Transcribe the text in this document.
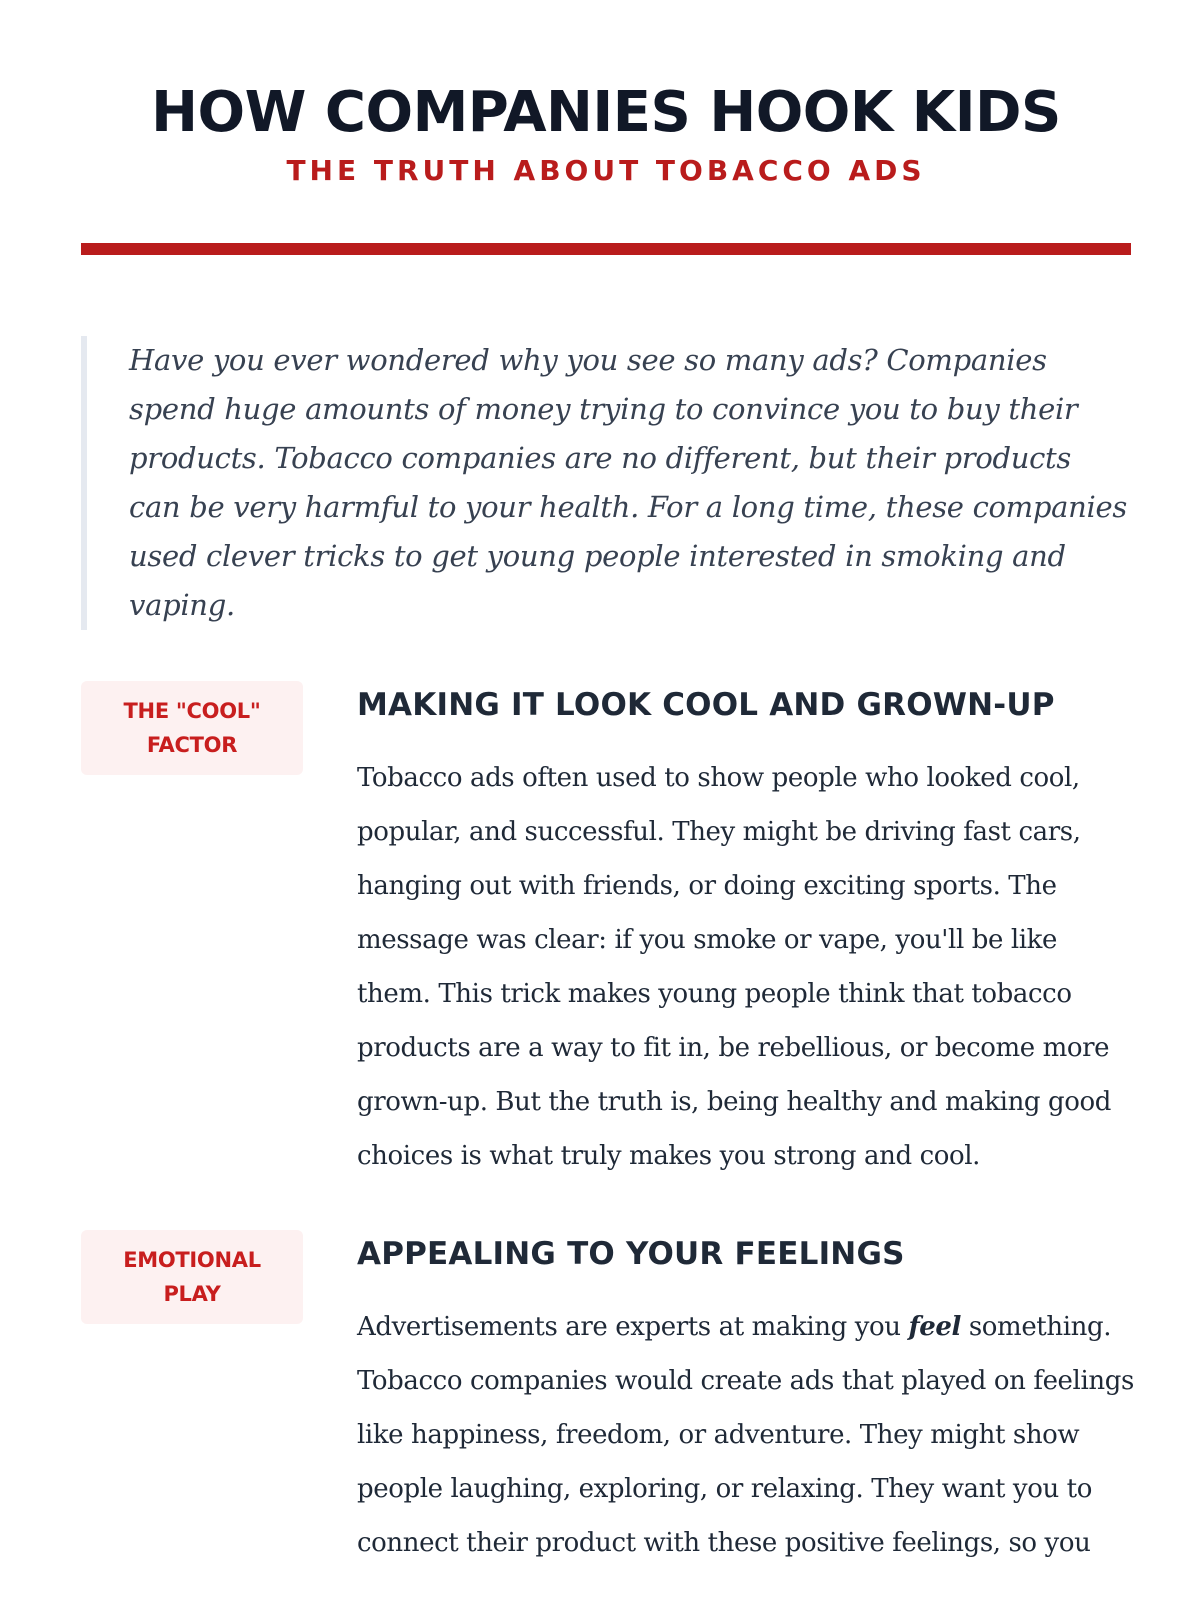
HOW COMPANIES HOOK KIDS
THE TRUTH ABOUT TOBACCO ADS

Have you ever wondered why you see so many ads? Companies spend huge amounts of money trying to convince you to buy their products. Tobacco companies are no different, but their products can be very harmful to your health. For a long time, these companies used clever tricks to get young people interested in smoking and vaping.

THE "COOL"
FACTOR
MAKING IT LOOK COOL AND GROWN-UP

Tobacco ads often used to show people who looked cool, popular, and successful. They might be driving fast cars, hanging out with friends, or doing exciting sports. The message was clear: if you smoke or vape, you'll be like them. This trick makes young people think that tobacco products are a way to fit in, be rebellious, or become more grown-up. But the truth is, being healthy and making good choices is what truly makes you strong and cool.

EMOTIONAL
PLAY
APPEALING TO YOUR FEELINGS

Advertisements are experts at making you feel something. Tobacco companies would create ads that played on feelings like happiness, freedom, or adventure. They might show people laughing, exploring, or relaxing. They want you to connect their product with these positive feelings, so you
